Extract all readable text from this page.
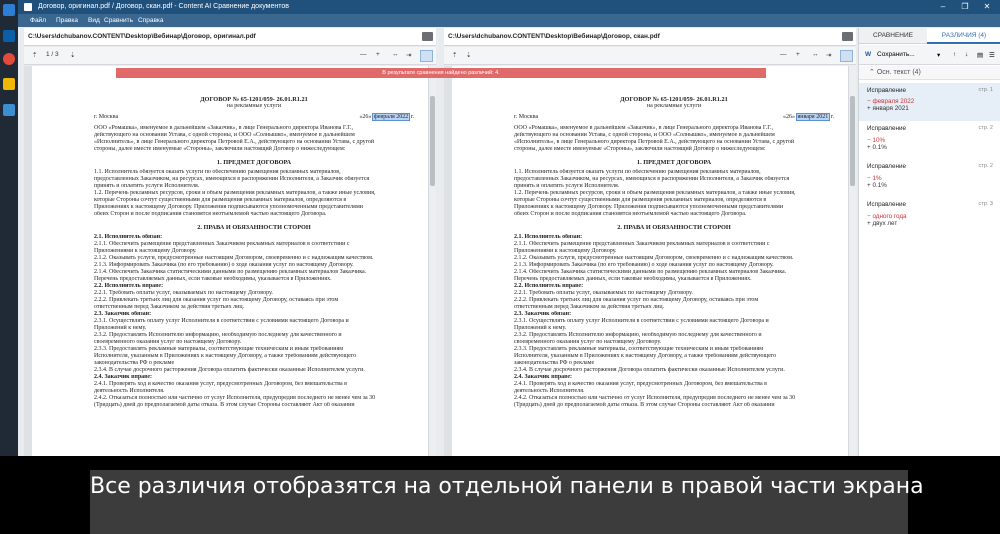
Договор, оригинал.pdf / Договор, скан.pdf - Content AI Сравнение документов	–	❐	✕
Файл Правка Вид Сравнить Справка
C:\Users\dchubanov.CONTENT\Desktop\Вебинар\Договор, оригинал.pdf	C:\Users\dchubanov.CONTENT\Desktop\Вебинар\Договор, скан.pdf
⇡ 1 / 3 ⇣	— + ↔ ⇥	⇡ ⇣	— + ↔ ⇥
ДОГОВОР № 65-1201/059- 26.01.R1.21
на рекламные услуги
г. Москва	«26» февраля 2022 г.
ООО «Ромашка», именуемое в дальнейшем «Заказчик», в лице Генерального директора Иванова Г.Г.,
действующего на основании Устава, с одной стороны, и ООО «Солнышко», именуемое в дальнейшем
«Исполнитель», в лице Генерального директора Петровой Е.А., действующего на основании Устава, с другой
стороны, далее вместе именуемые «Стороны», заключили настоящий Договор о нижеследующем:
1. ПРЕДМЕТ ДОГОВОРА
1.1. Исполнитель обязуется оказать услуги по обеспечению размещения рекламных материалов,
предоставленных Заказчиком, на ресурсах, имеющихся в распоряжении Исполнителя, а Заказчик обязуется
принять и оплатить услуги Исполнителя.
1.2. Перечень рекламных ресурсов, сроки и объем размещения рекламных материалов, а также иные условия,
которые Стороны сочтут существенными для размещения рекламных материалов, определяются в
Приложениях к настоящему Договору. Приложения подписываются уполномоченными представителями
обеих Сторон и после подписания становятся неотъемлемой частью настоящего Договора.
2. ПРАВА И ОБЯЗАННОСТИ СТОРОН
2.1. Исполнитель обязан:
2.1.1. Обеспечить размещение представленных Заказчиком рекламных материалов в соответствии с
Приложениями к настоящему Договору.
2.1.2. Оказывать услуги, предусмотренные настоящим Договором, своевременно и с надлежащим качеством.
2.1.3. Информировать Заказчика (по его требованию) о ходе оказания услуг по настоящему Договору.
2.1.4. Обеспечить Заказчика статистическими данными по размещению рекламных материалов Заказчика.
Перечень предоставляемых данных, если таковые необходимы, указывается в Приложениях.
2.2. Исполнитель вправе:
2.2.1. Требовать оплаты услуг, оказываемых по настоящему Договору.
2.2.2. Привлекать третьих лиц для оказания услуг по настоящему Договору, оставаясь при этом
ответственным перед Заказчиком за действия третьих лиц.
2.3. Заказчик обязан:
2.3.1. Осуществлять оплату услуг Исполнителя в соответствии с условиями настоящего Договора и
Приложений к нему.
2.3.2. Предоставлять Исполнителю информацию, необходимую последнему для качественного и
своевременного оказания услуг по настоящему Договору.
2.3.3. Предоставлять рекламные материалы, соответствующие техническим и иным требованиям
Исполнителя, указанным в Приложениях к настоящему Договору, а также требованиям действующего
законодательства РФ о рекламе
2.3.4. В случае досрочного расторжения Договора оплатить фактически оказанные Исполнителем услуги.
2.4. Заказчик вправе:
2.4.1. Проверять ход и качество оказания услуг, предусмотренных Договором, без вмешательства в
деятельность Исполнителя.
2.4.2. Отказаться полностью или частично от услуг Исполнителя, предупредив последнего не менее чем за 30
(Тридцать) дней до предполагаемой даты отказа. В этом случае Стороны составляют Акт об оказании
ДОГОВОР № 65-1201/059- 26.01.R1.21
на рекламные услуги
г. Москва	«26» января 2021 г.
ООО «Ромашка», именуемое в дальнейшем «Заказчик», в лице Генерального директора Иванова Г.Г.,
действующего на основании Устава, с одной стороны, и ООО «Солнышко», именуемое в дальнейшем
«Исполнитель», в лице Генерального директора Петровой Е.А., действующего на основании Устава, с другой
стороны, далее вместе именуемые «Стороны», заключили настоящий Договор о нижеследующем:
1. ПРЕДМЕТ ДОГОВОРА
1.1. Исполнитель обязуется оказать услуги по обеспечению размещения рекламных материалов,
предоставленных Заказчиком, на ресурсах, имеющихся в распоряжении Исполнителя, а Заказчик обязуется
принять и оплатить услуги Исполнителя.
1.2. Перечень рекламных ресурсов, сроки и объем размещения рекламных материалов, а также иные условия,
которые Стороны сочтут существенными для размещения рекламных материалов, определяются в
Приложениях к настоящему Договору. Приложения подписываются уполномоченными представителями
обеих Сторон и после подписания становятся неотъемлемой частью настоящего Договора.
2. ПРАВА И ОБЯЗАННОСТИ СТОРОН
2.1. Исполнитель обязан:
2.1.1. Обеспечить размещение представленных Заказчиком рекламных материалов в соответствии с
Приложениями к настоящему Договору.
2.1.2. Оказывать услуги, предусмотренные настоящим Договором, своевременно и с надлежащим качеством.
2.1.3. Информировать Заказчика (по его требованию) о ходе оказания услуг по настоящему Договору.
2.1.4. Обеспечить Заказчика статистическими данными по размещению рекламных материалов Заказчика.
Перечень предоставляемых данных, если таковые необходимы, указывается в Приложениях.
2.2. Исполнитель вправе:
2.2.1. Требовать оплаты услуг, оказываемых по настоящему Договору.
2.2.2. Привлекать третьих лиц для оказания услуг по настоящему Договору, оставаясь при этом
ответственным перед Заказчиком за действия третьих лиц.
2.3. Заказчик обязан:
2.3.1. Осуществлять оплату услуг Исполнителя в соответствии с условиями настоящего Договора и
Приложений к нему.
2.3.2. Предоставлять Исполнителю информацию, необходимую последнему для качественного и
своевременного оказания услуг по настоящему Договору.
2.3.3. Предоставлять рекламные материалы, соответствующие техническим и иным требованиям
Исполнителя, указанным в Приложениях к настоящему Договору, а также требованиям действующего
законодательства РФ о рекламе
2.3.4. В случае досрочного расторжения Договора оплатить фактически оказанные Исполнителем услуги.
2.4. Заказчик вправе:
2.4.1. Проверять ход и качество оказания услуг, предусмотренных Договором, без вмешательства в
деятельность Исполнителя.
2.4.2. Отказаться полностью или частично от услуг Исполнителя, предупредив последнего не менее чем за 30
(Тридцать) дней до предполагаемой даты отказа. В этом случае Стороны составляют Акт об оказании
СРАВНЕНИЕ	РАЗЛИЧИЯ (4)
W Сохранить...	▾ ↑ ↓ ▤ ☰
⌃ Осн. текст (4)
Исправление	стр. 1
− февраля 2022
+ января 2021
Исправление	стр. 2
− 10%
+ 0.1%
Исправление	стр. 2
− 1%
+ 0.1%
Исправление	стр. 3
− одного года
+ двух лет
В результате сравнения найдено различий: 4.
Все различия отобразятся на отдельной панели в правой части экрана
